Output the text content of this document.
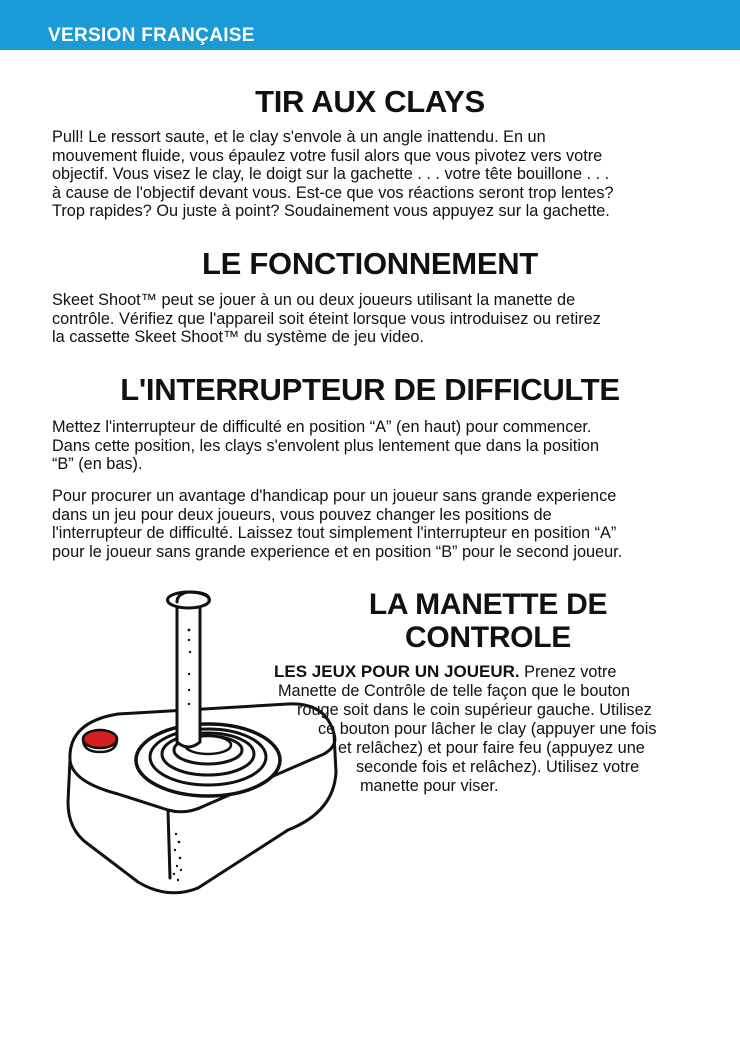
VERSION FRANÇAISE
TIR AUX CLAYS

Pull! Le ressort saute, et le clay s'envole à un angle inattendu. En un
mouvement fluide, vous épaulez votre fusil alors que vous pivotez vers votre
objectif. Vous visez le clay, le doigt sur la gachette . . . votre tête bouillone . . .
à cause de l'objectif devant vous. Est-ce que vos réactions seront trop lentes?
Trop rapides? Ou juste à point? Soudainement vous appuyez sur la gachette.

LE FONCTIONNEMENT

Skeet Shoot™ peut se jouer à un ou deux joueurs utilisant la manette de
contrôle. Vérifiez que l'appareil soit éteint lorsque vous introduisez ou retirez
la cassette Skeet Shoot™ du système de jeu video.

L'INTERRUPTEUR DE DIFFICULTE

Mettez l'interrupteur de difficulté en position “A” (en haut) pour commencer.
Dans cette position, les clays s'envolent plus lentement que dans la position
“B” (en bas).

Pour procurer un avantage d'handicap pour un joueur sans grande experience
dans un jeu pour deux joueurs, vous pouvez changer les positions de
l'interrupteur de difficulté. Laissez tout simplement l'interrupteur en position “A”
pour le joueur sans grande experience et en position “B” pour le second joueur.

LA MANETTE DE
CONTROLE
LES JEUX POUR UN JOUEUR. Prenez votre
Manette de Contrôle de telle façon que le bouton
rouge soit dans le coin supérieur gauche. Utilisez
ce bouton pour lâcher le clay (appuyer une fois
et relâchez) et pour faire feu (appuyez une
seconde fois et relâchez). Utilisez votre
manette pour viser.
